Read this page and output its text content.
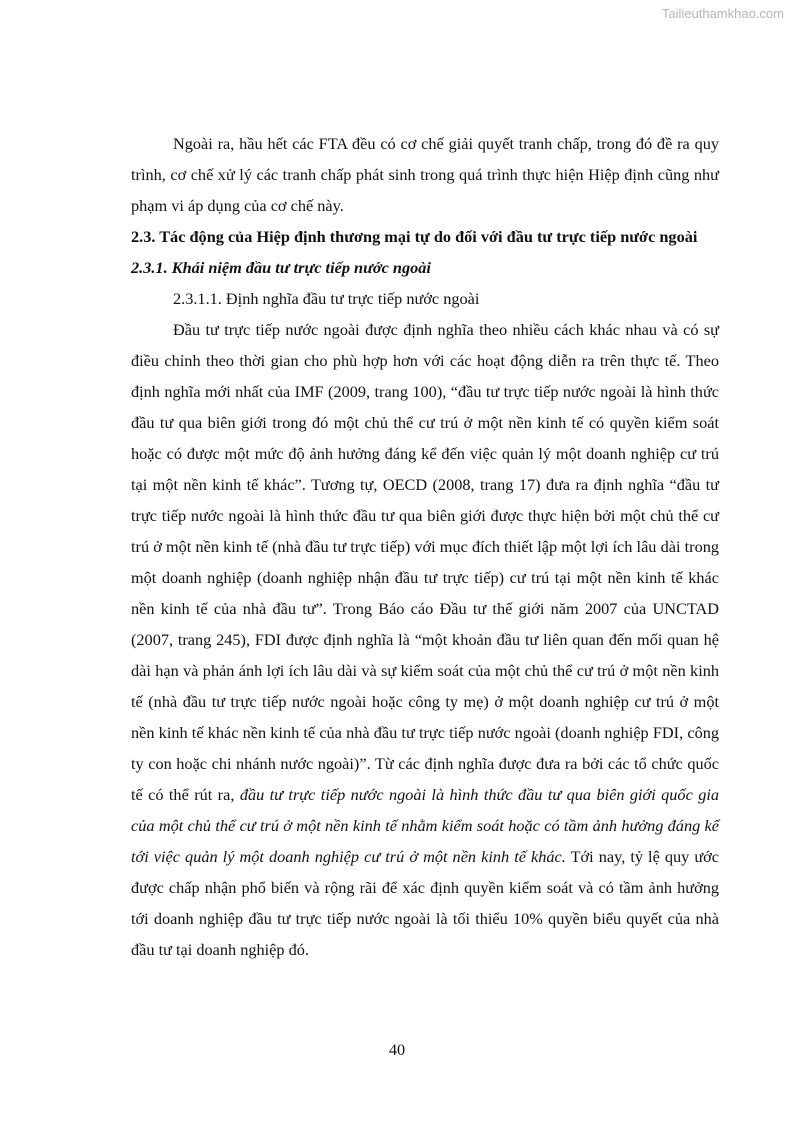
Tailieuthamkhao.com

Ngoài ra, hầu hết các FTA đều có cơ chế giải quyết tranh chấp, trong đó đề ra quy trình, cơ chế xử lý các tranh chấp phát sinh trong quá trình thực hiện Hiệp định cũng như phạm vi áp dụng của cơ chế này.

2.3. Tác động của Hiệp định thương mại tự do đối với đầu tư trực tiếp nước ngoài

2.3.1. Khái niệm đầu tư trực tiếp nước ngoài

2.3.1.1. Định nghĩa đầu tư trực tiếp nước ngoài

Đầu tư trực tiếp nước ngoài được định nghĩa theo nhiều cách khác nhau và có sự điều chỉnh theo thời gian cho phù hợp hơn với các hoạt động diễn ra trên thực tế. Theo định nghĩa mới nhất của IMF (2009, trang 100), “đầu tư trực tiếp nước ngoài là hình thức đầu tư qua biên giới trong đó một chủ thể cư trú ở một nền kinh tế có quyền kiểm soát hoặc có được một mức độ ảnh hưởng đáng kể đến việc quản lý một doanh nghiệp cư trú tại một nền kinh tế khác”. Tương tự, OECD (2008, trang 17) đưa ra định nghĩa “đầu tư trực tiếp nước ngoài là hình thức đầu tư qua biên giới được thực hiện bởi một chủ thể cư trú ở một nền kinh tế (nhà đầu tư trực tiếp) với mục đích thiết lập một lợi ích lâu dài trong một doanh nghiệp (doanh nghiệp nhận đầu tư trực tiếp) cư trú tại một nền kinh tế khác nền kinh tế của nhà đầu tư”. Trong Báo cáo Đầu tư thế giới năm 2007 của UNCTAD (2007, trang 245), FDI được định nghĩa là “một khoản đầu tư liên quan đến mối quan hệ dài hạn và phản ánh lợi ích lâu dài và sự kiểm soát của một chủ thể cư trú ở một nền kinh tế (nhà đầu tư trực tiếp nước ngoài hoặc công ty mẹ) ở một doanh nghiệp cư trú ở một nền kinh tế khác nền kinh tế của nhà đầu tư trực tiếp nước ngoài (doanh nghiệp FDI, công ty con hoặc chi nhánh nước ngoài)”. Từ các định nghĩa được đưa ra bởi các tổ chức quốc tế có thể rút ra, đầu tư trực tiếp nước ngoài là hình thức đầu tư qua biên giới quốc gia của một chủ thể cư trú ở một nền kinh tế nhằm kiểm soát hoặc có tầm ảnh hưởng đáng kể tới việc quản lý một doanh nghiệp cư trú ở một nền kinh tế khác. Tới nay, tỷ lệ quy ước được chấp nhận phổ biến và rộng rãi để xác định quyền kiểm soát và có tầm ảnh hưởng tới doanh nghiệp đầu tư trực tiếp nước ngoài là tối thiểu 10% quyền biểu quyết của nhà đầu tư tại doanh nghiệp đó.

40
